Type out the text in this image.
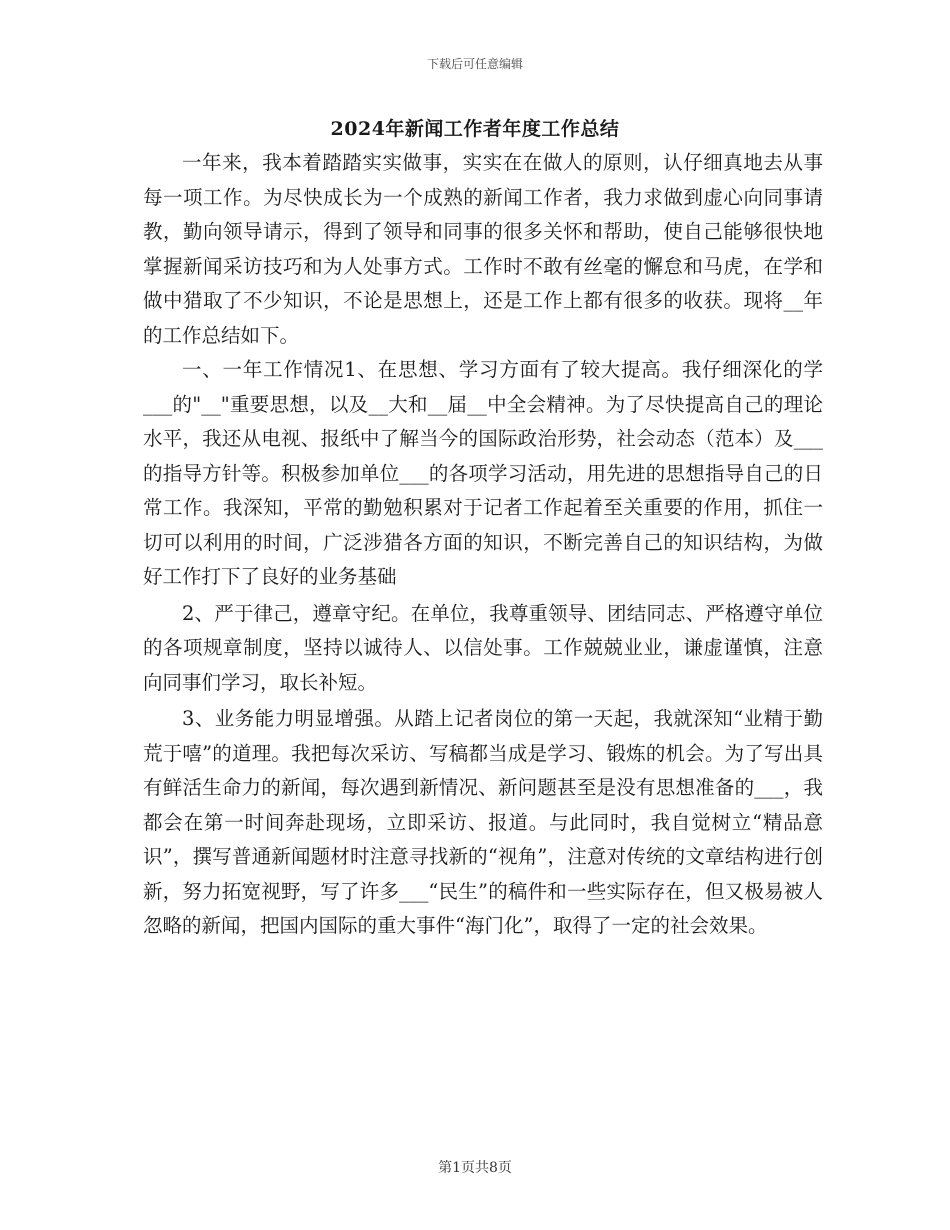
下载后可任意编辑
2024年新闻工作者年度工作总结

一年来，我本着踏踏实实做事，实实在在做人的原则，认仔细真地去从事每一项工作。为尽快成长为一个成熟的新闻工作者，我力求做到虚心向同事请教，勤向领导请示，得到了领导和同事的很多关怀和帮助，使自己能够很快地掌握新闻采访技巧和为人处事方式。工作时不敢有丝毫的懈怠和马虎，在学和做中猎取了不少知识，不论是思想上，还是工作上都有很多的收获。现将__年的工作总结如下。

一、一年工作情况1、在思想、学习方面有了较大提高。我仔细深化的学___的"__"重要思想，以及__大和__届__中全会精神。为了尽快提高自己的理论水平，我还从电视、报纸中了解当今的国际政治形势，社会动态（范本）及___的指导方针等。积极参加单位___的各项学习活动，用先进的思想指导自己的日常工作。我深知，平常的勤勉积累对于记者工作起着至关重要的作用，抓住一切可以利用的时间，广泛涉猎各方面的知识，不断完善自己的知识结构，为做好工作打下了良好的业务基础

2、严于律己，遵章守纪。在单位，我尊重领导、团结同志、严格遵守单位的各项规章制度，坚持以诚待人、以信处事。工作兢兢业业，谦虚谨慎，注意向同事们学习，取长补短。

3、业务能力明显增强。从踏上记者岗位的第一天起，我就深知“业精于勤荒于嘻”的道理。我把每次采访、写稿都当成是学习、锻炼的机会。为了写出具有鲜活生命力的新闻，每次遇到新情况、新问题甚至是没有思想准备的___，我都会在第一时间奔赴现场，立即采访、报道。与此同时，我自觉树立“精品意识”，撰写普通新闻题材时注意寻找新的“视角”，注意对传统的文章结构进行创新，努力拓宽视野，写了许多___“民生”的稿件和一些实际存在，但又极易被人忽略的新闻，把国内国际的重大事件“海门化”，取得了一定的社会效果。

第1页共8页
